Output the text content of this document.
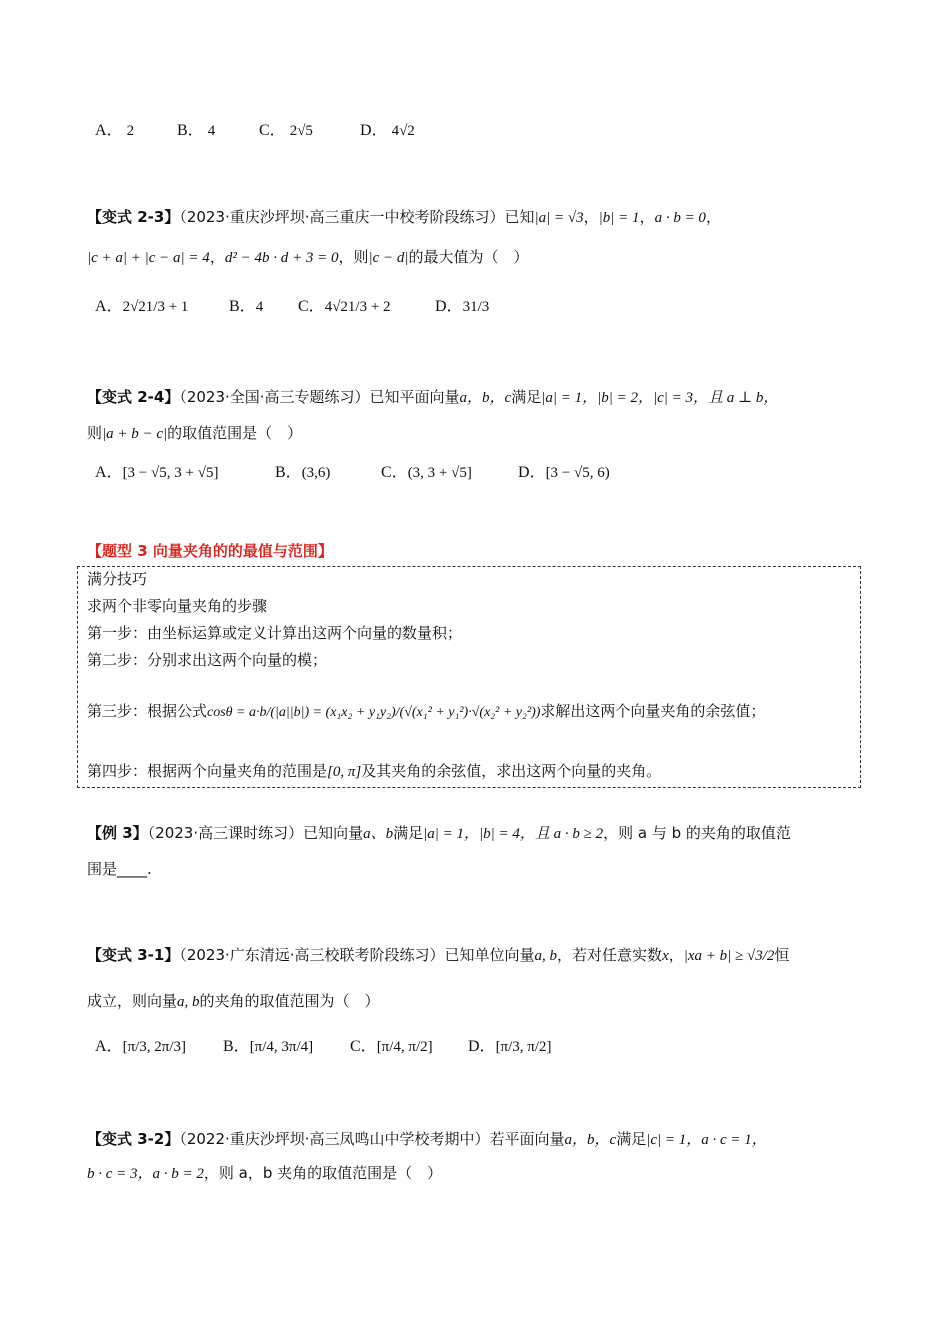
A． 2	B． 4	C． 2√5	D． 4√2
【变式 2-3】（2023·重庆沙坪坝·高三重庆一中校考阶段练习）已知|a| = √3，|b| = 1，a · b = 0，
|c + a| + |c − a| = 4，d² − 4b · d + 3 = 0，则|c − d|的最大值为（　）
A．2√21/3 + 1	B．4 C．4√21/3 + 2	D．31/3
【变式 2-4】（2023·全国·高三专题练习）已知平面向量a，b，c满足|a| = 1，|b| = 2，|c| = 3，且 a ⊥ b，
则|a + b − c|的取值范围是（　）
A．[3 − √5, 3 + √5]	B．(3,6)	C．(3, 3 + √5]	D．[3 − √5, 6)
【题型 3 向量夹角的的最值与范围】
满分技巧
求两个非零向量夹角的步骤
第一步：由坐标运算或定义计算出这两个向量的数量积；
第二步：分别求出这两个向量的模；
第三步：根据公式cosθ = a·b/(|a||b|) = (x₁x₂ + y₁y₂)/(√(x₁² + y₁²)·√(x₂² + y₂²))求解出这两个向量夹角的余弦值；
第四步：根据两个向量夹角的范围是[0, π]及其夹角的余弦值，求出这两个向量的夹角。
【例 3】（2023·高三课时练习）已知向量a、b满足|a| = 1，|b| = 4，且 a · b ≥ 2，则 a 与 b 的夹角的取值范
围是____.
【变式 3-1】（2023·广东清远·高三校联考阶段练习）已知单位向量a, b，若对任意实数x，|xa + b| ≥ √3/2恒
成立，则向量a, b的夹角的取值范围为（　）
A．[π/3, 2π/3] B．[π/4, 3π/4] C．[π/4, π/2] D．[π/3, π/2]
【变式 3-2】（2022·重庆沙坪坝·高三凤鸣山中学校考期中）若平面向量a，b，c满足|c| = 1，a · c = 1，
b · c = 3，a · b = 2，则 a，b 夹角的取值范围是（　）
